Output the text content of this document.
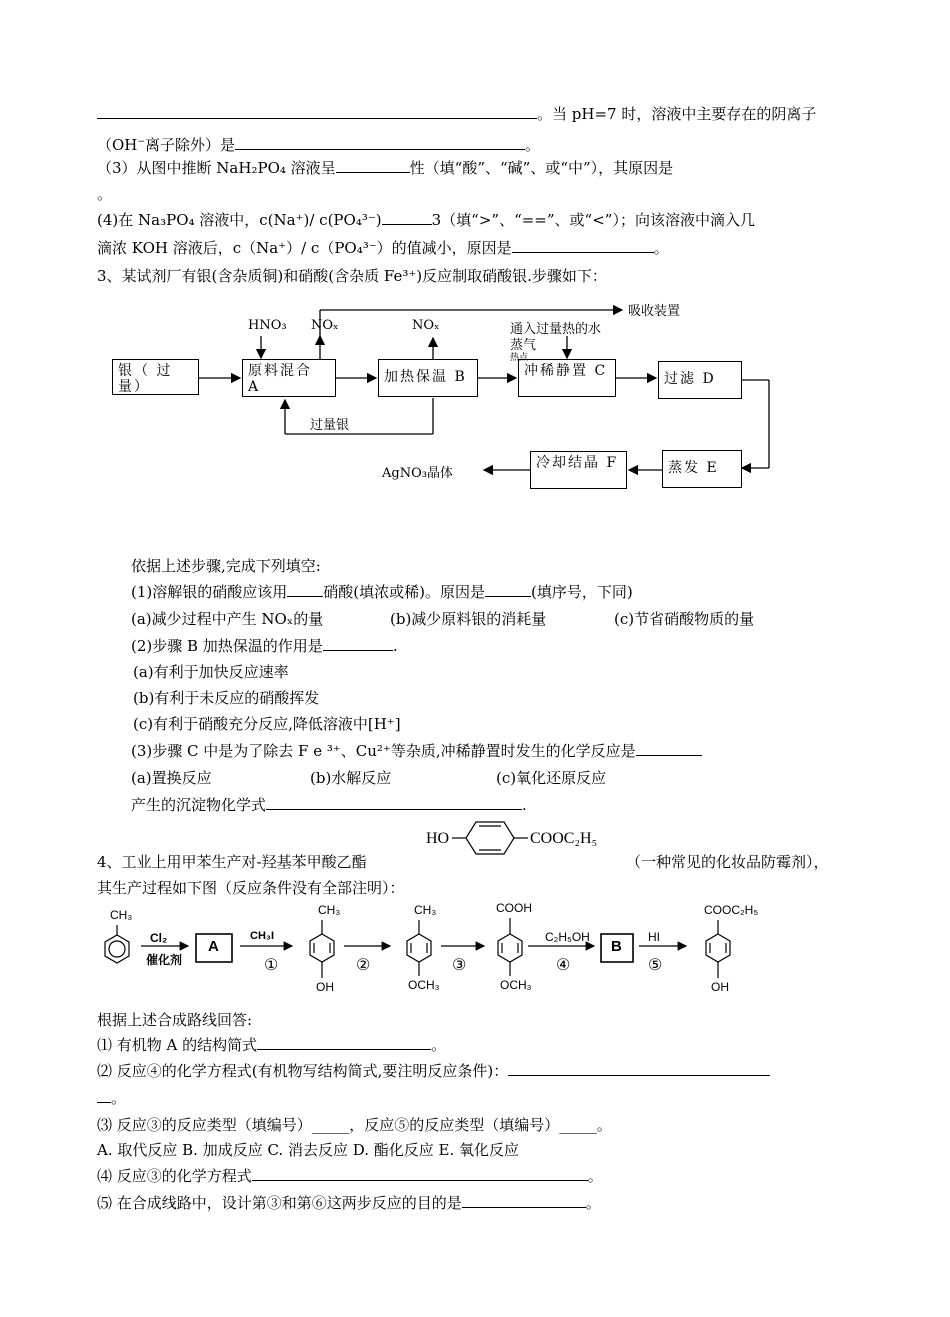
。当 pH=7 时，溶液中主要存在的阴离子
（OH−离子除外）是	。
（3）从图中推断 NaH₂PO₄ 溶液呈	性（填“酸”、“碱”、或“中”），其原因是
。
(4)在 Na₃PO₄ 溶液中，c(Na⁺)/ c(PO₄³⁻)	3（填“>”、“==”、或“<”）；向该溶液中滴入几
滴浓 KOH 溶液后，c（Na⁺）/ c（PO₄³⁻）的值减小，原因是	。
3、某试剂厂有银(含杂质铜)和硝酸(含杂质 Fe³⁺)反应制取硝酸银.步骤如下：
银（ 过量）
原料混合 A
加热保温 B	冲稀静置 C	过滤 D
蒸发 E
冷却结晶 F
AgNO₃晶体
HNO₃ NOₓ	NOₓ
吸收装置
通入过量热的水
蒸气
热点
过量银
依据上述步骤,完成下列填空:
(1)溶解银的硝酸应该用 硝酸(填浓或稀)。原因是	(填序号，下同)
(a)减少过程中产生 NOₓ的量	(b)减少原料银的消耗量	(c)节省硝酸物质的量
(2)步骤 B 加热保温的作用是	.
(a)有利于加快反应速率
(b)有利于未反应的硝酸挥发
(c)有利于硝酸充分反应,降低溶液中[H⁺]
(3)步骤 C 中是为了除去 F e ³⁺、Cu²⁺等杂质,冲稀静置时发生的化学反应是
(a)置换反应	(b)水解反应	(c)氧化还原反应
产生的沉淀物化学式	.
4、工业上用甲苯生产对-羟基苯甲酸乙酯
HO	COOC₂H₅
（一种常见的化妆品防霉剂），
其生产过程如下图（反应条件没有全部注明）：
①	②	③	④	⑤
CH₃
Cl₂
催化剂
A
CH₃I
CH₃
OH
CH₃
OCH₃
COOH
OCH₃
C₂H₅OH
B
HI
COOC₂H₅
OH
根据上述合成路线回答:
⑴ 有机物 A 的结构简式	。
⑵ 反应④的化学方程式(有机物写结构简式,要注明反应条件)：
。
⑶ 反应③的反应类型（填编号）_____，反应⑤的反应类型（填编号）_____。
A. 取代反应 B. 加成反应 C. 消去反应 D. 酯化反应 E. 氧化反应
⑷ 反应③的化学方程式	。
⑸ 在合成线路中，设计第③和第⑥这两步反应的目的是	。
